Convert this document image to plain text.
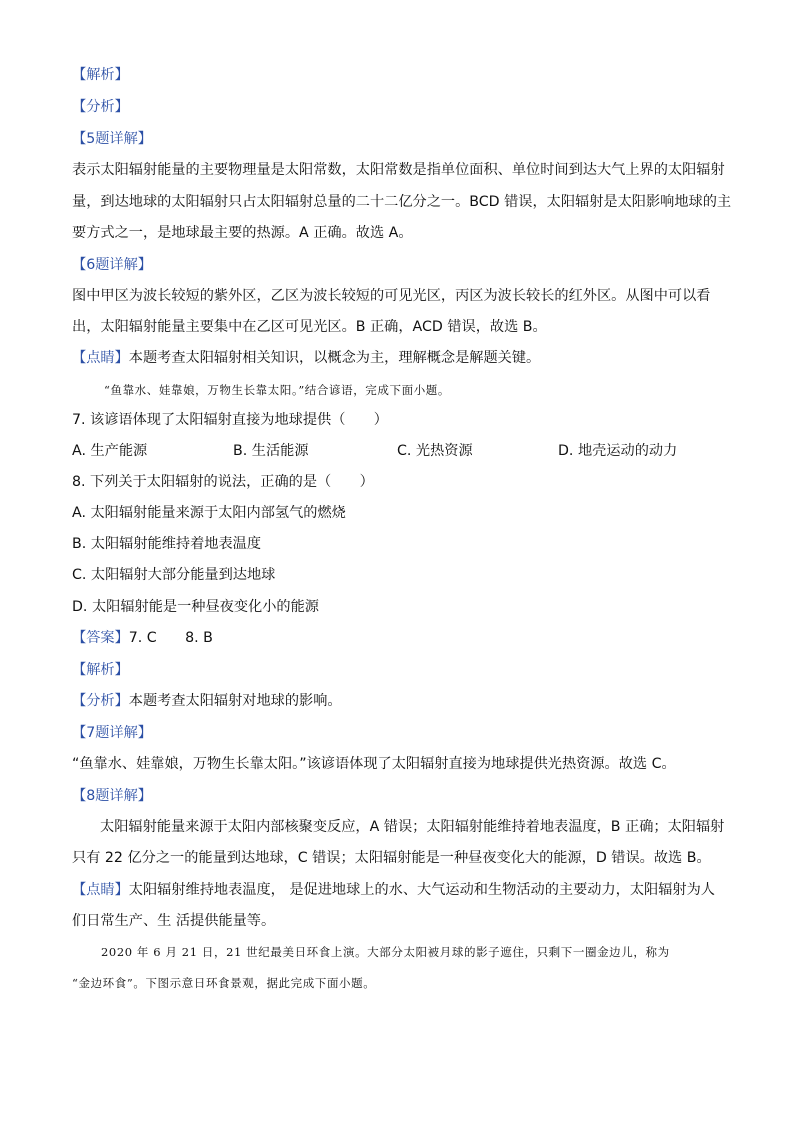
【解析】
【分析】
【5题详解】
表示太阳辐射能量的主要物理量是太阳常数，太阳常数是指单位面积、单位时间到达大气上界的太阳辐射
量，到达地球的太阳辐射只占太阳辐射总量的二十二亿分之一。BCD 错误，太阳辐射是太阳影响地球的主
要方式之一，是地球最主要的热源。A 正确。故选 A。
【6题详解】
图中甲区为波长较短的紫外区，乙区为波长较短的可见光区，丙区为波长较长的红外区。从图中可以看
出，太阳辐射能量主要集中在乙区可见光区。B 正确，ACD 错误，故选 B。
【点睛】本题考查太阳辐射相关知识，以概念为主，理解概念是解题关键。
“鱼靠水、娃靠娘，万物生长靠太阳。”结合谚语，完成下面小题。
7. 该谚语体现了太阳辐射直接为地球提供（　　）
A. 生产能源	B. 生活能源	C. 光热资源	D. 地壳运动的动力
8. 下列关于太阳辐射的说法，正确的是（　　）
A. 太阳辐射能量来源于太阳内部氢气的燃烧
B. 太阳辐射能维持着地表温度
C. 太阳辐射大部分能量到达地球
D. 太阳辐射能是一种昼夜变化小的能源
【答案】7. C　　8. B
【解析】
【分析】本题考查太阳辐射对地球的影响。
【7题详解】
“鱼靠水、娃靠娘，万物生长靠太阳。”该谚语体现了太阳辐射直接为地球提供光热资源。故选 C。
【8题详解】
太阳辐射能量来源于太阳内部核聚变反应，A 错误；太阳辐射能维持着地表温度，B 正确；太阳辐射
只有 22 亿分之一的能量到达地球，C 错误；太阳辐射能是一种昼夜变化大的能源，D 错误。故选 B。
【点睛】太阳辐射维持地表温度， 是促进地球上的水、大气运动和生物活动的主要动力，太阳辐射为人
们日常生产、生 活提供能量等。
2020 年 6 月 21 日，21 世纪最美日环食上演。大部分太阳被月球的影子遮住，只剩下一圈金边儿，称为
“金边环食”。下图示意日环食景观，据此完成下面小题。
